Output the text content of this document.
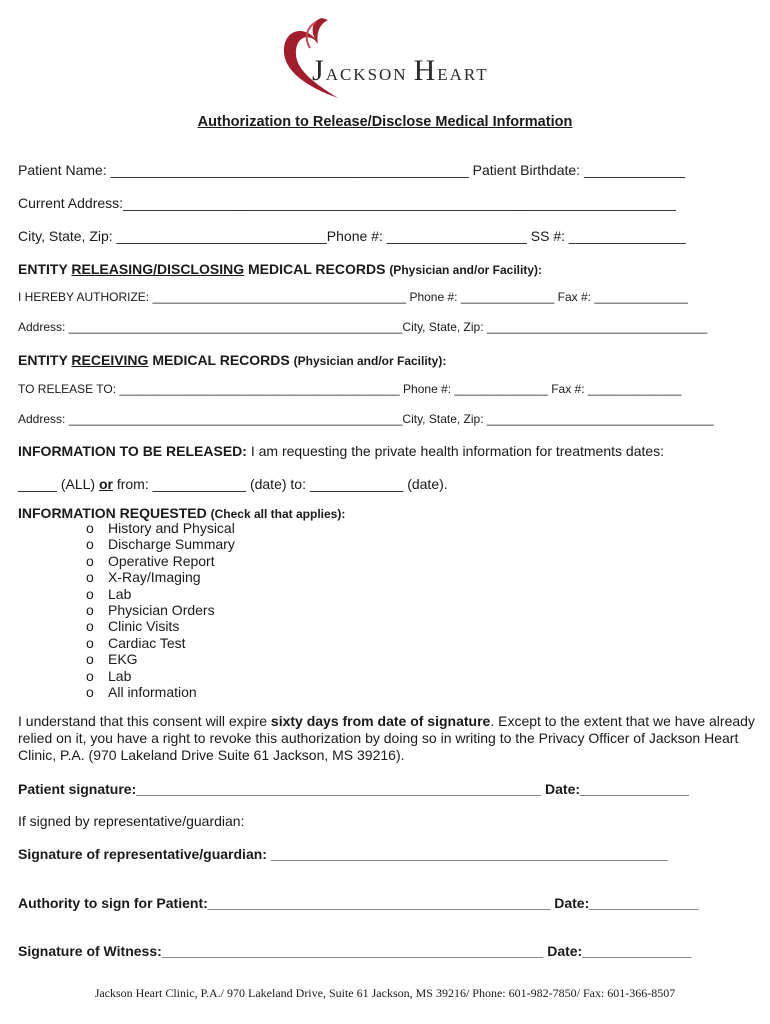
JACKSON HEART
Authorization to Release/Disclose Medical Information
Patient Name: ______________________________________________ Patient Birthdate: _____________
Current Address:_______________________________________________________________________
City, State, Zip: ___________________________Phone #: __________________ SS #: _______________
ENTITY RELEASING/DISCLOSING MEDICAL RECORDS (Physician and/or Facility):
I HEREBY AUTHORIZE: ______________________________________ Phone #: ______________ Fax #: ______________
Address: __________________________________________________City, State, Zip: _________________________________
ENTITY RECEIVING MEDICAL RECORDS (Physician and/or Facility):
TO RELEASE TO: __________________________________________ Phone #: ______________ Fax #: ______________
Address: __________________________________________________City, State, Zip: __________________________________
INFORMATION TO BE RELEASED: I am requesting the private health information for treatments dates:
_____ (ALL) or from: ____________ (date) to: ____________ (date).
INFORMATION REQUESTED (Check all that applies):
o History and Physical
o Discharge Summary
o Operative Report
o X-Ray/Imaging
o Lab
o Physician Orders
o Clinic Visits
o Cardiac Test
o EKG
o Lab
o All information
I understand that this consent will expire sixty days from date of signature. Except to the extent that we have already relied on it, you have a right to revoke this authorization by doing so in writing to the Privacy Officer of Jackson Heart Clinic, P.A. (970 Lakeland Drive Suite 61 Jackson, MS 39216).
Patient signature:____________________________________________________ Date:______________
If signed by representative/guardian:
Signature of representative/guardian: ___________________________________________________
Authority to sign for Patient:____________________________________________ Date:______________
Signature of Witness:_________________________________________________ Date:______________
Jackson Heart Clinic, P.A./ 970 Lakeland Drive, Suite 61 Jackson, MS 39216/ Phone: 601-982-7850/ Fax: 601-366-8507
